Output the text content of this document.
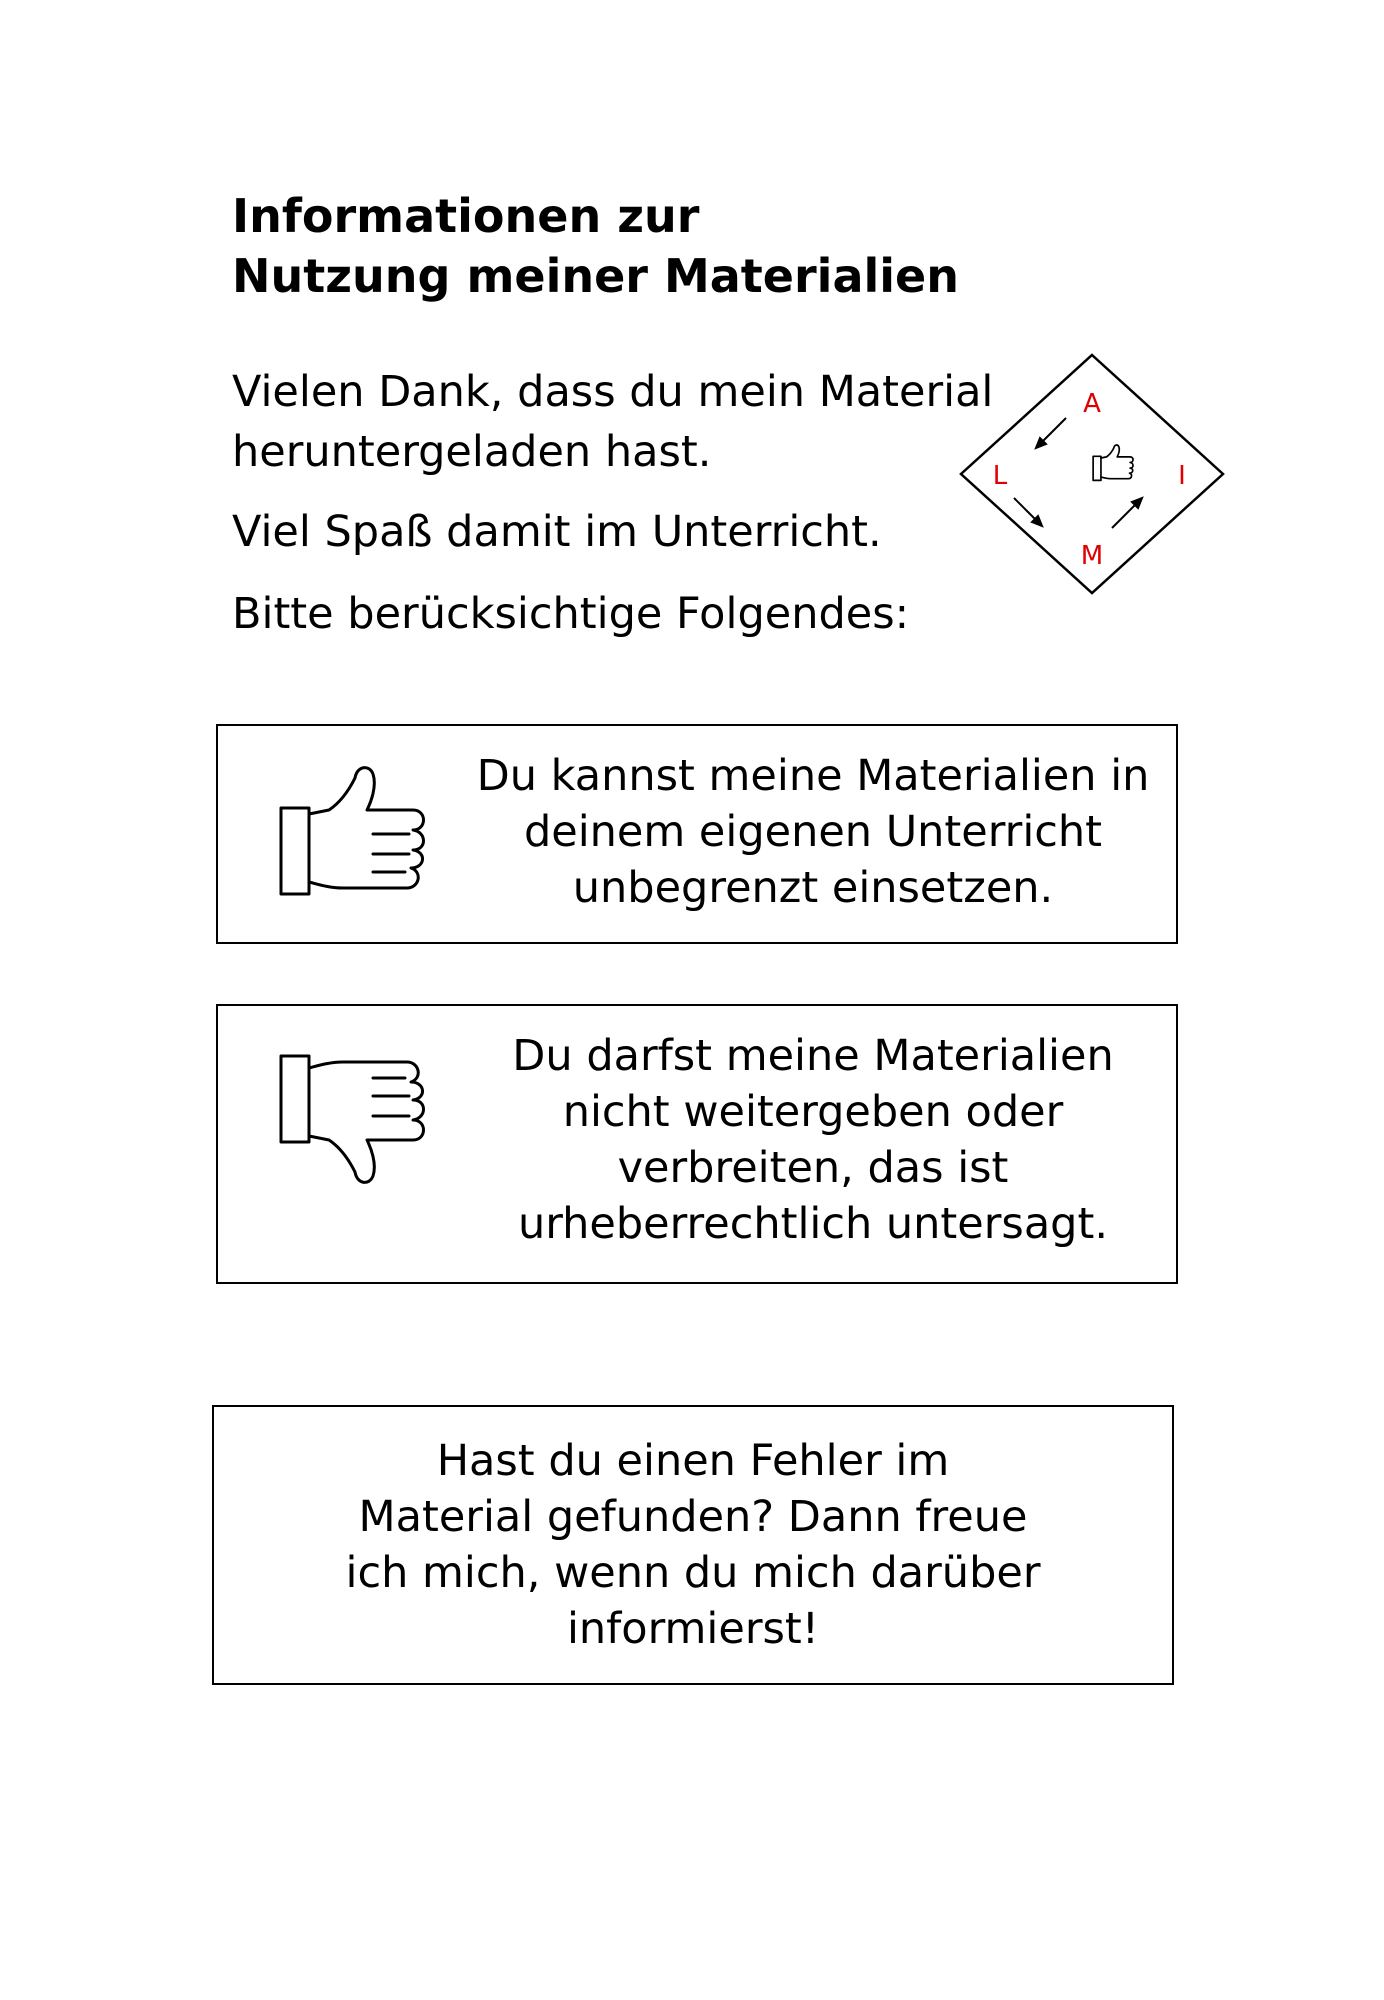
Informationen zur
Nutzung meiner Materialien

Vielen Dank, dass du mein Material

heruntergeladen hast.

Viel Spaß damit im Unterricht.

Bitte berücksichtige Folgendes:

A
I
M
L

Du kannst meine Materialien in
deinem eigenen Unterricht
unbegrenzt einsetzen.

Du darfst meine Materialien
nicht weitergeben oder
verbreiten, das ist
urheberrechtlich untersagt.

Hast du einen Fehler im
Material gefunden? Dann freue
ich mich, wenn du mich darüber
informierst!
